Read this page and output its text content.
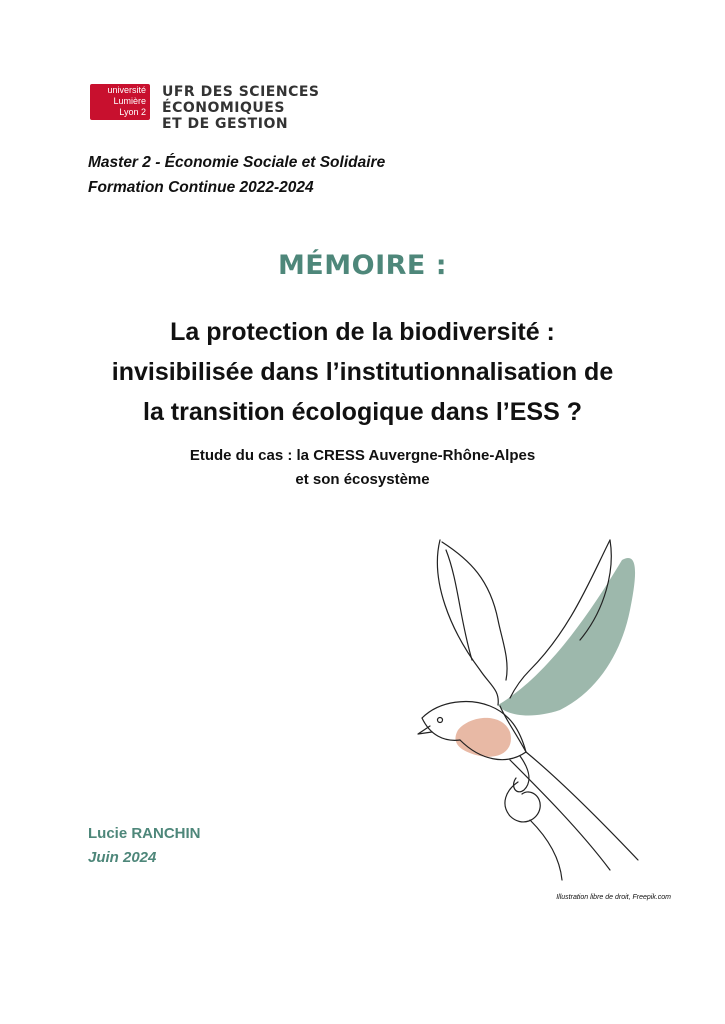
université
Lumière
Lyon 2
UFR DES SCIENCES
ÉCONOMIQUES
ET DE GESTION
Master 2 - Économie Sociale et Solidaire
Formation Continue 2022-2024
MÉMOIRE :
La protection de la biodiversité :
invisibilisée dans l’institutionnalisation de
la transition écologique dans l’ESS ?
Etude du cas : la CRESS Auvergne-Rhône-Alpes
et son écosystème
Lucie RANCHIN
Juin 2024
Illustration libre de droit, Freepik.com
